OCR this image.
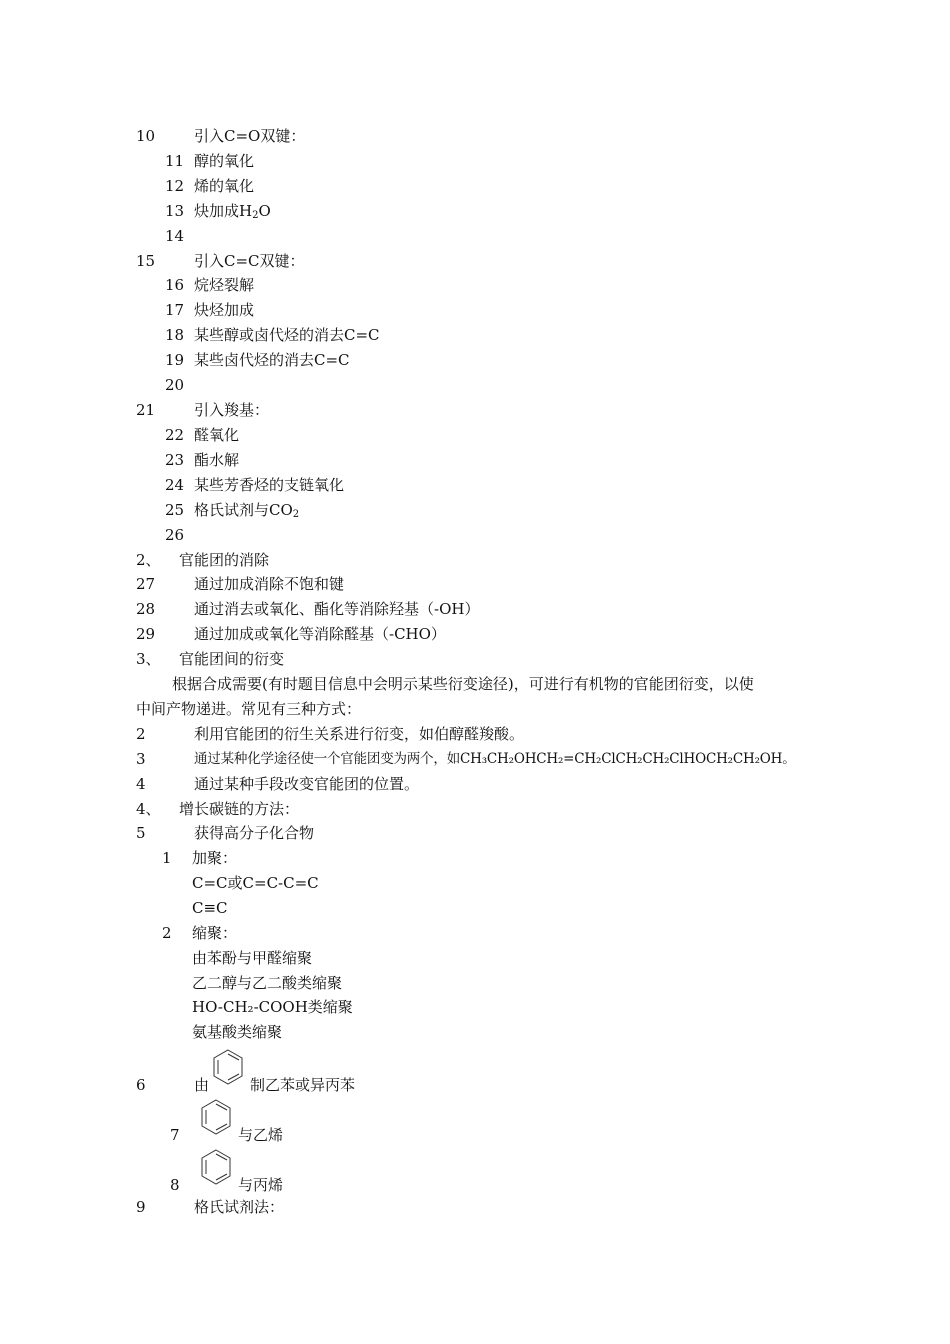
10	引入C=O双键：
11 醇的氧化
12 烯的氧化
13 炔加成$H_2O$
14
15	引入C=C双键：
16 烷烃裂解
17 炔烃加成
18 某些醇或卤代烃的消去C=C
19 某些卤代烃的消去C=C
20
21	引入羧基：
22 醛氧化
23 酯水解
24 某些芳香烃的支链氧化
25 格氏试剂与$CO_2$
26
2、 官能团的消除
27	通过加成消除不饱和键
28	通过消去或氧化、酯化等消除羟基（-OH）
29	通过加成或氧化等消除醛基（-CHO）
3、 官能团间的衍变
根据合成需要(有时题目信息中会明示某些衍变途径)，可进行有机物的官能团衍变，以使
中间产物递进。常见有三种方式：
2	利用官能团的衍生关系进行衍变，如伯醇醛羧酸。
3	通过某种化学途径使一个官能团变为两个，如CH₃CH₂OHCH₂=CH₂ClCH₂CH₂ClHOCH₂CH₂OH。
4	通过某种手段改变官能团的位置。
4、 增长碳链的方法：
5	获得高分子化合物
1 加聚：
C=C或C=C-C=C
C≡C
2 缩聚：
由苯酚与甲醛缩聚
乙二醇与乙二酸类缩聚
HO-CH₂-COOH类缩聚
氨基酸类缩聚
6	由	制乙苯或异丙苯
7	与乙烯
8	与丙烯
9	格氏试剂法：
